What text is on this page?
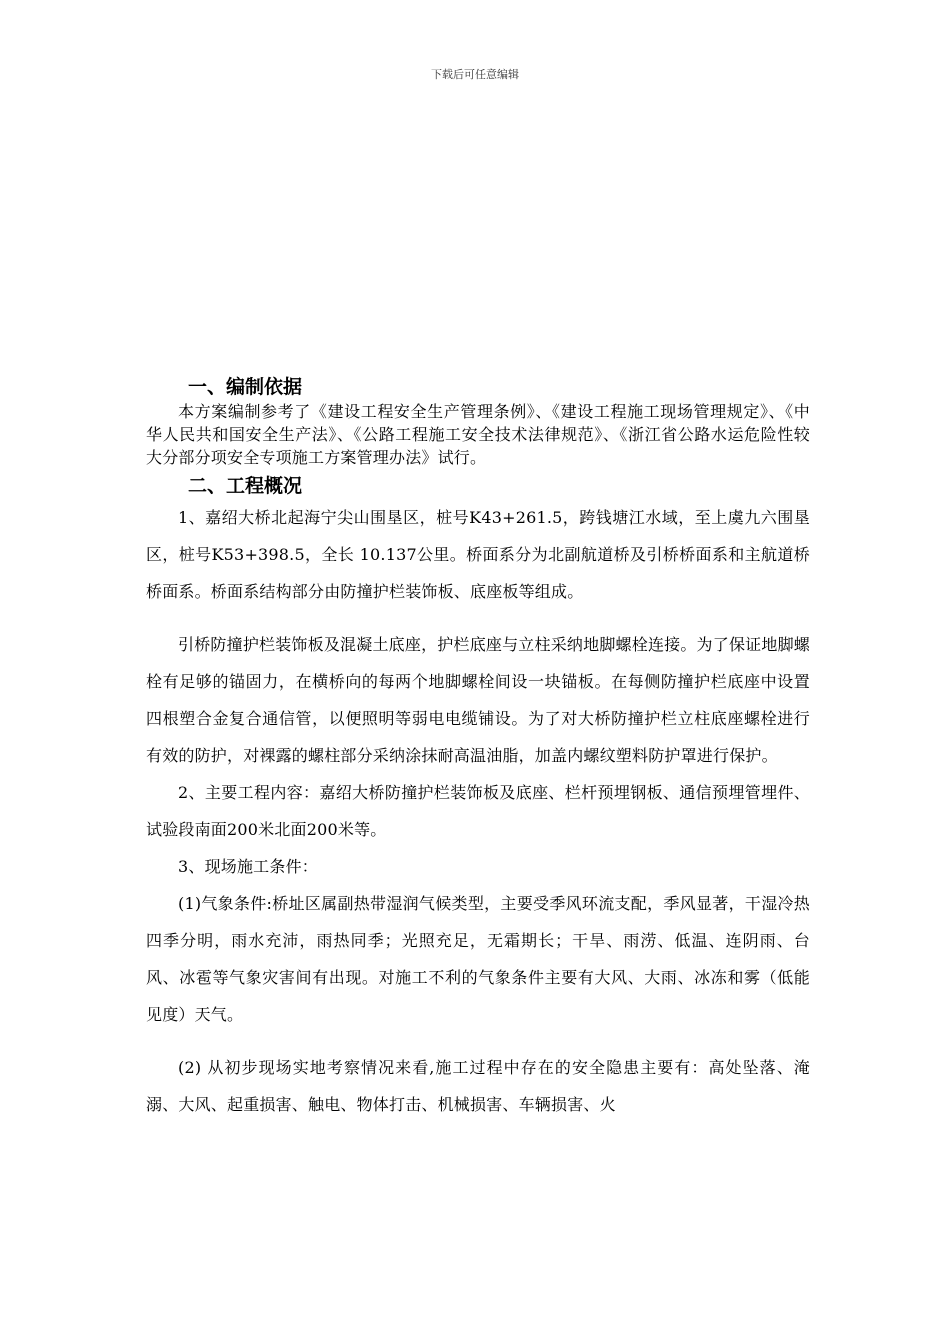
下载后可任意编辑
一、编制依据

本方案编制参考了《建设工程安全生产管理条例》、《建设工程施工现场管理规定》、《中华人民共和国安全生产法》、《公路工程施工安全技术法律规范》、《浙江省公路水运危险性较大分部分项安全专项施工方案管理办法》试行。

二、工程概况

1、嘉绍大桥北起海宁尖山围垦区，桩号K43+261.5，跨钱塘江水域，至上虞九六围垦区，桩号K53+398.5，全长 10.137公里。桥面系分为北副航道桥及引桥桥面系和主航道桥桥面系。桥面系结构部分由防撞护栏装饰板、底座板等组成。

引桥防撞护栏装饰板及混凝土底座，护栏底座与立柱采纳地脚螺栓连接。为了保证地脚螺栓有足够的锚固力，在横桥向的每两个地脚螺栓间设一块锚板。在每侧防撞护栏底座中设置四根塑合金复合通信管，以便照明等弱电电缆铺设。为了对大桥防撞护栏立柱底座螺栓进行有效的防护，对裸露的螺柱部分采纳涂抹耐高温油脂，加盖内螺纹塑料防护罩进行保护。

2、主要工程内容：嘉绍大桥防撞护栏装饰板及底座、栏杆预埋钢板、通信预埋管埋件、试验段南面200米北面200米等。

3、现场施工条件：

(1)气象条件:桥址区属副热带湿润气候类型，主要受季风环流支配，季风显著，干湿冷热四季分明，雨水充沛，雨热同季；光照充足，无霜期长；干旱、雨涝、低温、连阴雨、台风、冰雹等气象灾害间有出现。对施工不利的气象条件主要有大风、大雨、冰冻和雾（低能见度）天气。

(2) 从初步现场实地考察情况来看,施工过程中存在的安全隐患主要有：高处坠落、淹溺、大风、起重损害、触电、物体打击、机械损害、车辆损害、火
